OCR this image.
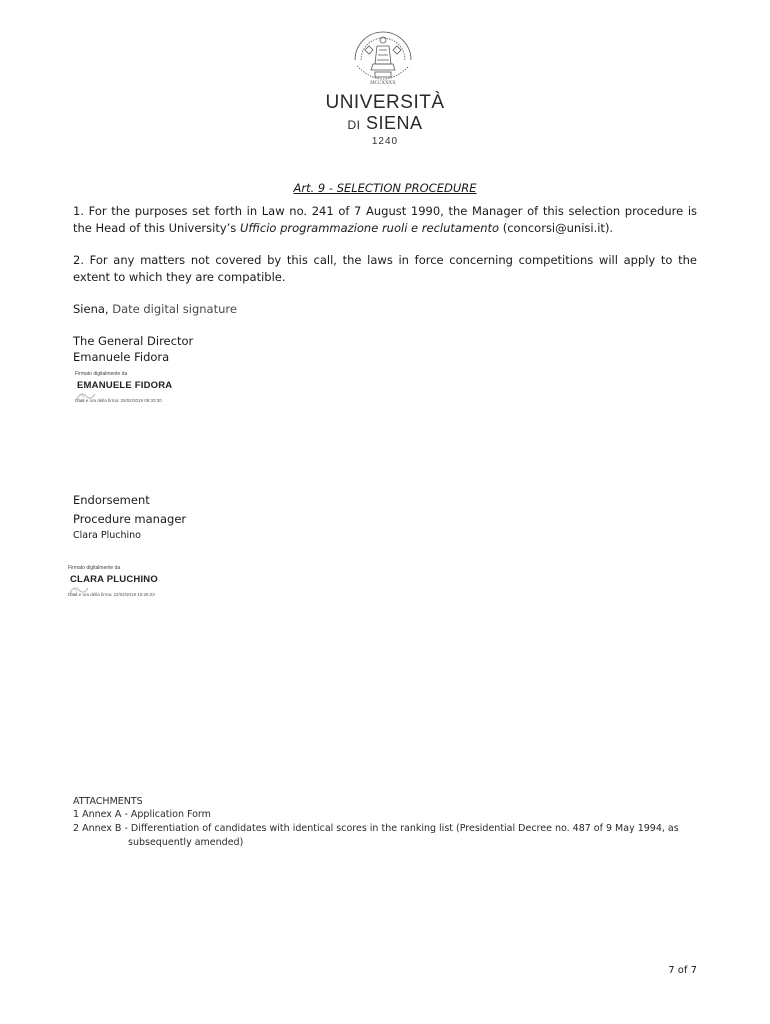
MCCXXXX
UNIVERSITÀ
DI SIENA
1240
Art. 9 - SELECTION PROCEDURE
1. For the purposes set forth in Law no. 241 of 7 August 1990, the Manager of this selection procedure is the Head of this University’s Ufficio programmazione ruoli e reclutamento (concorsi@unisi.it).
2. For any matters not covered by this call, the laws in force concerning competitions will apply to the extent to which they are compatible.
Siena, Date digital signature
The General Director
Emanuele Fidora
Firmato digitalmente da
EMANUELE FIDORA
Data e ora della firma: 25/02/2019 09:33:30
Endorsement
Procedure manager
Clara Pluchino
Firmato digitalmente da
CLARA PLUCHINO
Data e ora della firma: 22/02/2019 10:26:23
ATTACHMENTS
1 Annex A - Application Form
2 Annex B - Differentiation of candidates with identical scores in the ranking list (Presidential Decree no. 487 of 9 May 1994, as
subsequently amended)
7 of 7
